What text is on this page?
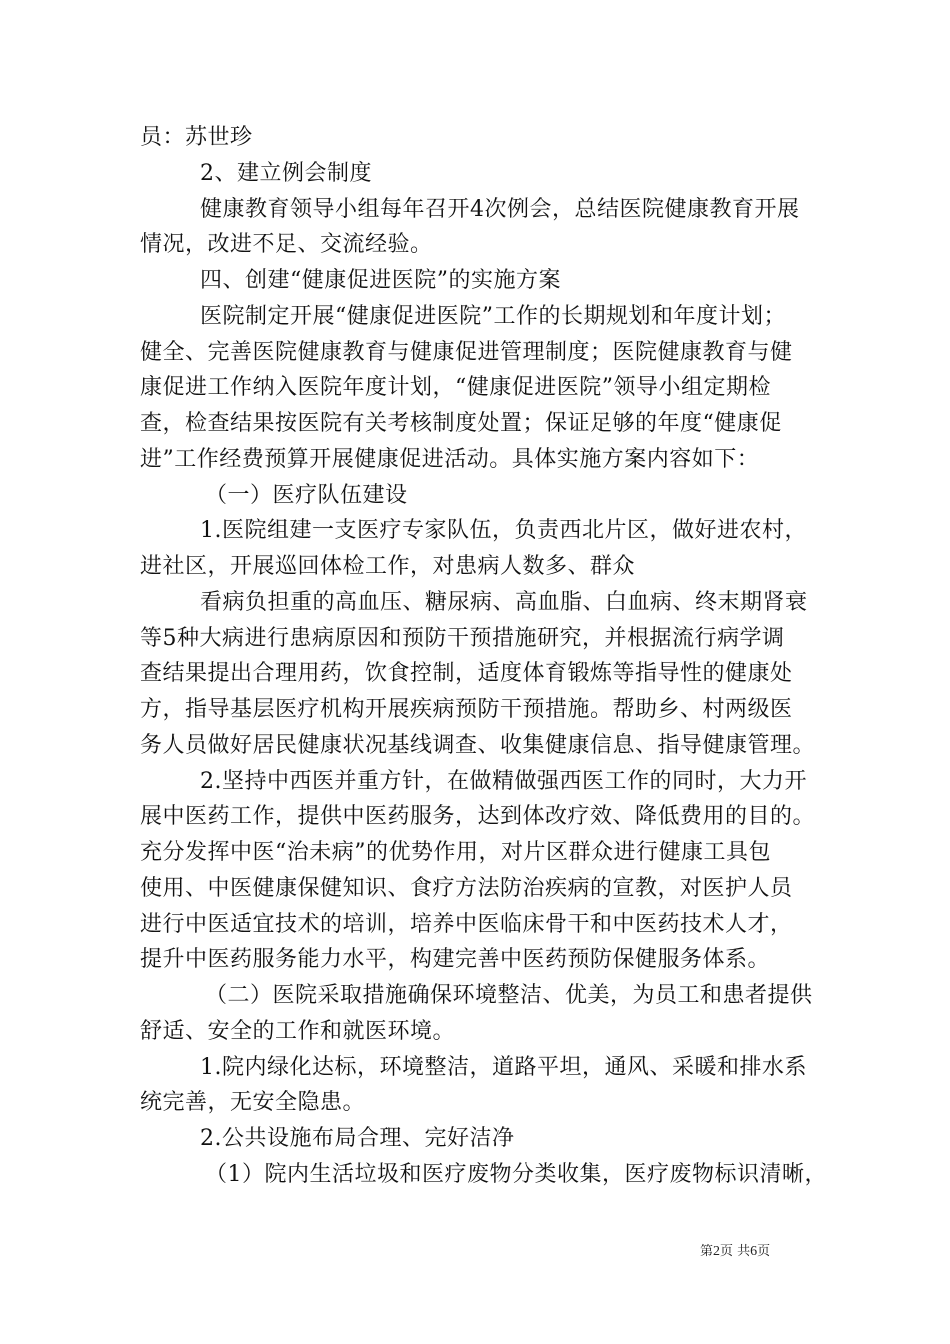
员：苏世珍
2、建立例会制度
健康教育领导小组每年召开4次例会，总结医院健康教育开展
情况，改进不足、交流经验。
四、创建“健康促进医院”的实施方案
医院制定开展“健康促进医院”工作的长期规划和年度计划；
健全、完善医院健康教育与健康促进管理制度；医院健康教育与健
康促进工作纳入医院年度计划，“健康促进医院”领导小组定期检
查，检查结果按医院有关考核制度处置；保证足够的年度“健康促
进”工作经费预算开展健康促进活动。具体实施方案内容如下：
（一）医疗队伍建设
1.医院组建一支医疗专家队伍，负责西北片区，做好进农村，
进社区，开展巡回体检工作，对患病人数多、群众
看病负担重的高血压、糖尿病、高血脂、白血病、终末期肾衰
等5种大病进行患病原因和预防干预措施研究，并根据流行病学调
查结果提出合理用药，饮食控制，适度体育锻炼等指导性的健康处
方，指导基层医疗机构开展疾病预防干预措施。帮助乡、村两级医
务人员做好居民健康状况基线调查、收集健康信息、指导健康管理。
2.坚持中西医并重方针，在做精做强西医工作的同时，大力开
展中医药工作，提供中医药服务，达到体改疗效、降低费用的目的。
充分发挥中医“治未病”的优势作用，对片区群众进行健康工具包
使用、中医健康保健知识、食疗方法防治疾病的宣教，对医护人员
进行中医适宜技术的培训，培养中医临床骨干和中医药技术人才，
提升中医药服务能力水平，构建完善中医药预防保健服务体系。
（二）医院采取措施确保环境整洁、优美，为员工和患者提供
舒适、安全的工作和就医环境。
1.院内绿化达标，环境整洁，道路平坦，通风、采暖和排水系
统完善，无安全隐患。
2.公共设施布局合理、完好洁净
（1）院内生活垃圾和医疗废物分类收集，医疗废物标识清晰，
第2页 共6页
